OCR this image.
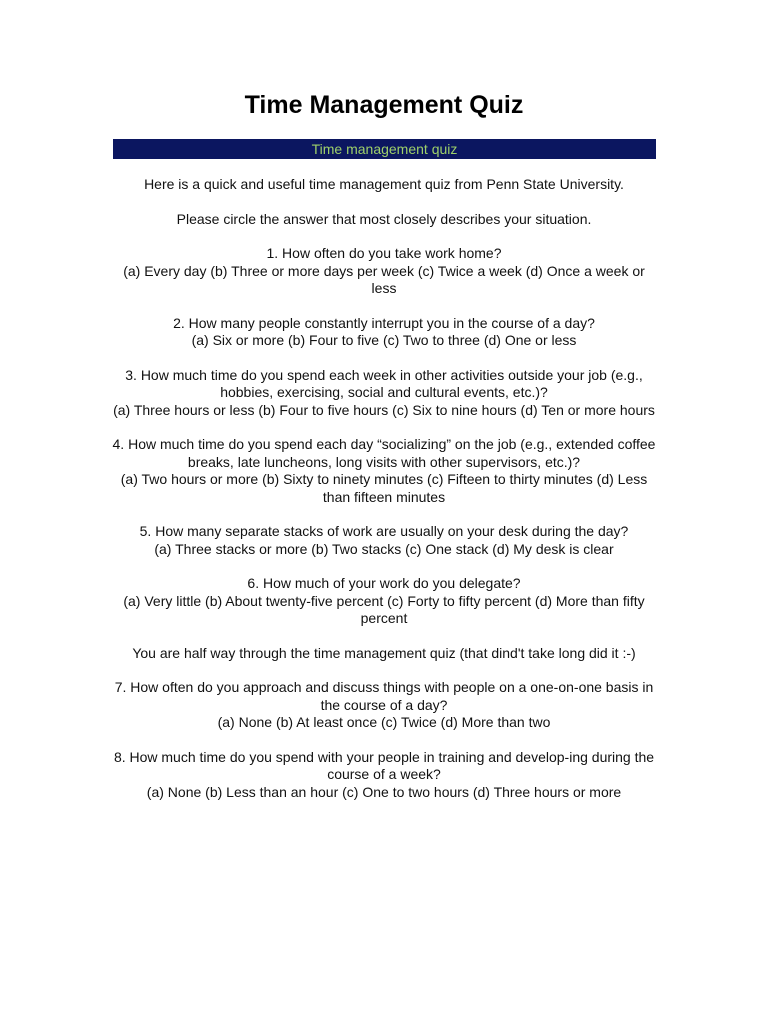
Time Management Quiz
Time management quiz

Here is a quick and useful time management quiz from Penn State University.

Please circle the answer that most closely describes your situation.

1. How often do you take work home?
(a) Every day (b) Three or more days per week (c) Twice a week (d) Once a week or less
2. How many people constantly interrupt you in the course of a day?
(a) Six or more (b) Four to five (c) Two to three (d) One or less
3. How much time do you spend each week in other activities outside your job (e.g., hobbies, exercising, social and cultural events, etc.)?
(a) Three hours or less (b) Four to five hours (c) Six to nine hours (d) Ten or more hours
4. How much time do you spend each day “socializing” on the job (e.g., extended coffee breaks, late luncheons, long visits with other supervisors, etc.)?
(a) Two hours or more (b) Sixty to ninety minutes (c) Fifteen to thirty minutes (d) Less than fifteen minutes
5. How many separate stacks of work are usually on your desk during the day?
(a) Three stacks or more (b) Two stacks (c) One stack (d) My desk is clear
6. How much of your work do you delegate?
(a) Very little (b) About twenty-five percent (c) Forty to fifty percent (d) More than fifty percent

You are half way through the time management quiz (that dind't take long did it :-)

7. How often do you approach and discuss things with people on a one-on-one basis in the course of a day?
(a) None (b) At least once (c) Twice (d) More than two
8. How much time do you spend with your people in training and develop-ing during the course of a week?
(a) None (b) Less than an hour (c) One to two hours (d) Three hours or more
